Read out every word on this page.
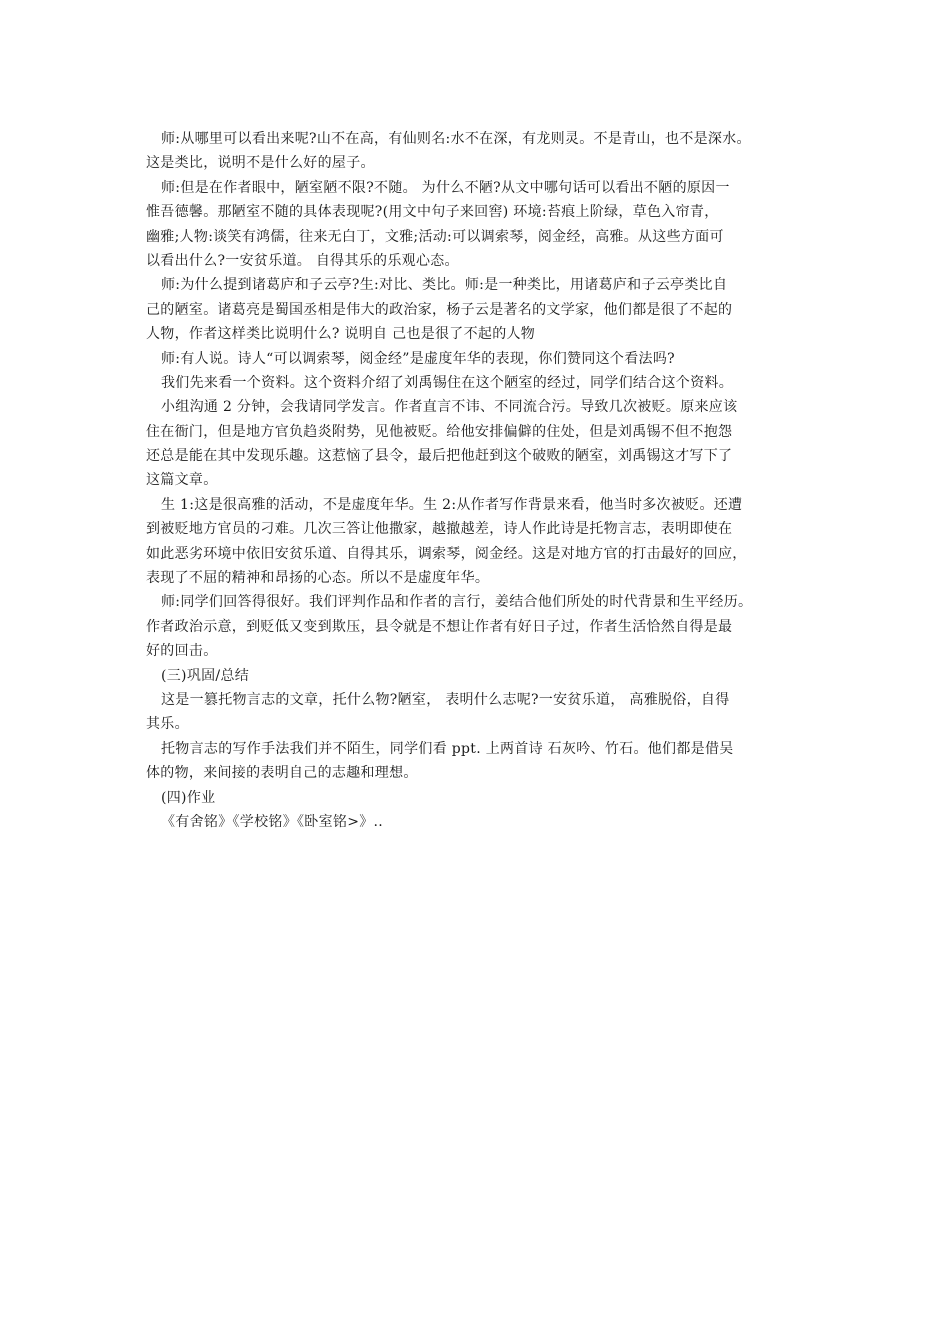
师:从哪里可以看出来呢?山不在高，有仙则名:水不在深，有龙则灵。不是青山，也不是深水。
这是类比，说明不是什么好的屋子。
师:但是在作者眼中，陋室陋不限?不随。 为什么不陋?从文中哪句话可以看出不陋的原因一
惟吾德馨。那陋室不随的具体表现呢?(用文中句子来回窖) 环境:苔痕上阶绿，草色入帘青，
幽雅;人物:谈笑有鸿儒，往来无白丁，文雅;活动:可以调索琴，阅金经，高雅。从这些方面可
以看出什么?一安贫乐道。 自得其乐的乐观心态。
师:为什么提到诸葛庐和子云亭?生:对比、类比。师:是一种类比，用诸葛庐和子云亭类比自
己的陋室。诸葛亮是蜀国丞相是伟大的政治家，杨子云是著名的文学家，他们都是很了不起的
人物，作者这样类比说明什么? 说明自 己也是很了不起的人物
师:有人说。诗人“可以调索琴，阅金经”是虚度年华的表现，你们赞同这个看法吗?
我们先来看一个资料。这个资料介绍了刘禹锡住在这个陋室的经过，同学们结合这个资料。
小组沟通 2 分钟，会我请同学发言。作者直言不讳、不同流合污。导致几次被贬。原来应该
住在衙门，但是地方官负趋炎附势，见他被贬。给他安排偏僻的住处，但是刘禹锡不但不抱怨
还总是能在其中发现乐趣。这惹恼了县令，最后把他赶到这个破败的陋室，刘禹锡这才写下了
这篇文章。
生 1:这是很高雅的活动，不是虚度年华。生 2:从作者写作背景来看，他当时多次被贬。还遭
到被贬地方官员的刁难。几次三答让他撒家，越撤越差，诗人作此诗是托物言志，表明即使在
如此恶劣环境中依旧安贫乐道、自得其乐，调索琴，阅金经。这是对地方官的打击最好的回应，
表现了不屈的精神和昂扬的心态。所以不是虚度年华。
师:同学们回答得很好。我们评判作品和作者的言行，姜结合他们所处的时代背景和生平经历。
作者政治示意，到贬低又变到欺压，县令就是不想让作者有好日子过，作者生活恰然自得是最
好的回击。
(三)巩固/总结
这是一篡托物言志的文章，托什么物?陋室， 表明什么志呢?一安贫乐道， 高雅脱俗，自得
其乐。
托物言志的写作手法我们并不陌生，同学们看 ppt. 上两首诗 石灰吟、竹石。他们都是借吴
体的物，来间接的表明自己的志趣和理想。
(四)作业
《有舍铭》《学校铭》《卧室铭>》..
